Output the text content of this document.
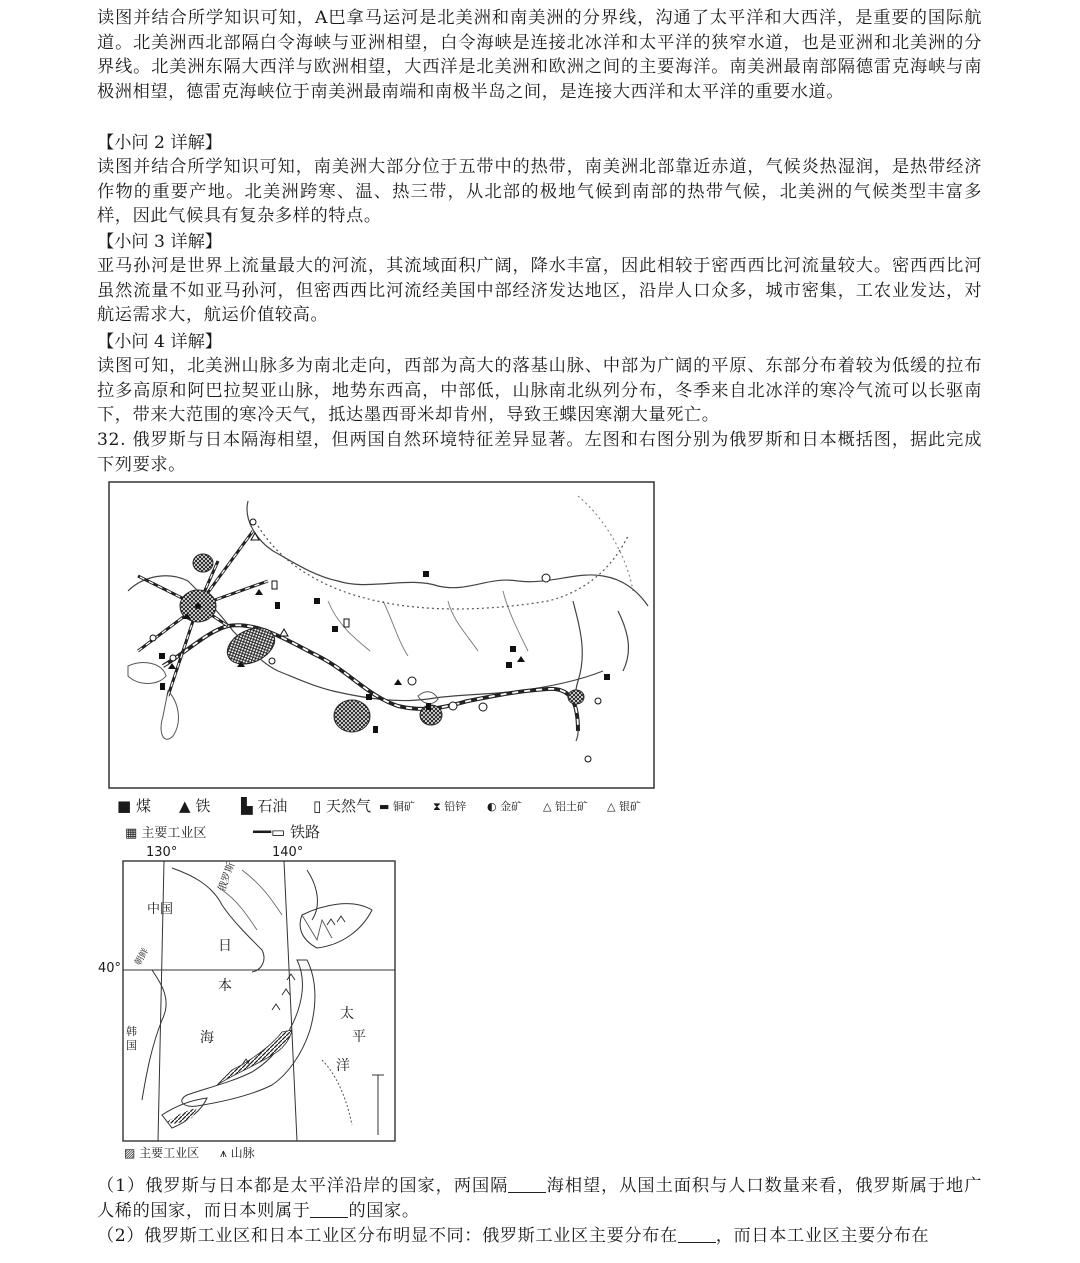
读图并结合所学知识可知，A巴拿马运河是北美洲和南美洲的分界线，沟通了太平洋和大西洋，是重要的国际航道。北美洲西北部隔白令海峡与亚洲相望，白令海峡是连接北冰洋和太平洋的狭窄水道，也是亚洲和北美洲的分界线。北美洲东隔大西洋与欧洲相望，大西洋是北美洲和欧洲之间的主要海洋。南美洲最南部隔德雷克海峡与南极洲相望，德雷克海峡位于南美洲最南端和南极半岛之间，是连接大西洋和太平洋的重要水道。

【小问 2 详解】

读图并结合所学知识可知，南美洲大部分位于五带中的热带，南美洲北部靠近赤道，气候炎热湿润，是热带经济作物的重要产地。北美洲跨寒、温、热三带，从北部的极地气候到南部的热带气候，北美洲的气候类型丰富多样，因此气候具有复杂多样的特点。

【小问 3 详解】

亚马孙河是世界上流量最大的河流，其流域面积广阔，降水丰富，因此相较于密西西比河流量较大。密西西比河虽然流量不如亚马孙河，但密西西比河流经美国中部经济发达地区，沿岸人口众多，城市密集，工农业发达，对航运需求大，航运价值较高。

【小问 4 详解】

读图可知，北美洲山脉多为南北走向，西部为高大的落基山脉、中部为广阔的平原、东部分布着较为低缓的拉布拉多高原和阿巴拉契亚山脉，地势东西高，中部低，山脉南北纵列分布，冬季来自北冰洋的寒冷气流可以长驱南下，带来大范围的寒冷天气，抵达墨西哥米却肯州，导致王蝶因寒潮大量死亡。

32. 俄罗斯与日本隔海相望，但两国自然环境特征差异显著。左图和右图分别为俄罗斯和日本概括图，据此完成下列要求。

■ 煤 ▲ 铁 ▙ 石油 ▯ 天然气 ▬ 铜矿 ⧗ 铅锌 ◐ 金矿 △ 铝土矿 △ 银矿
▦ 主要工业区	━━▭ 铁路
130°	140°
40°
中国
俄罗斯
朝鲜
韩国
日
本
海
太
平
洋
▨ 主要工业区 ⩚ 山脉

（1）俄罗斯与日本都是太平洋沿岸的国家，两国隔 海相望，从国土面积与人口数量来看，俄罗斯属于地广人稀的国家，而日本则属于 的国家。

（2）俄罗斯工业区和日本工业区分布明显不同：俄罗斯工业区主要分布在 ，而日本工业区主要分布在
